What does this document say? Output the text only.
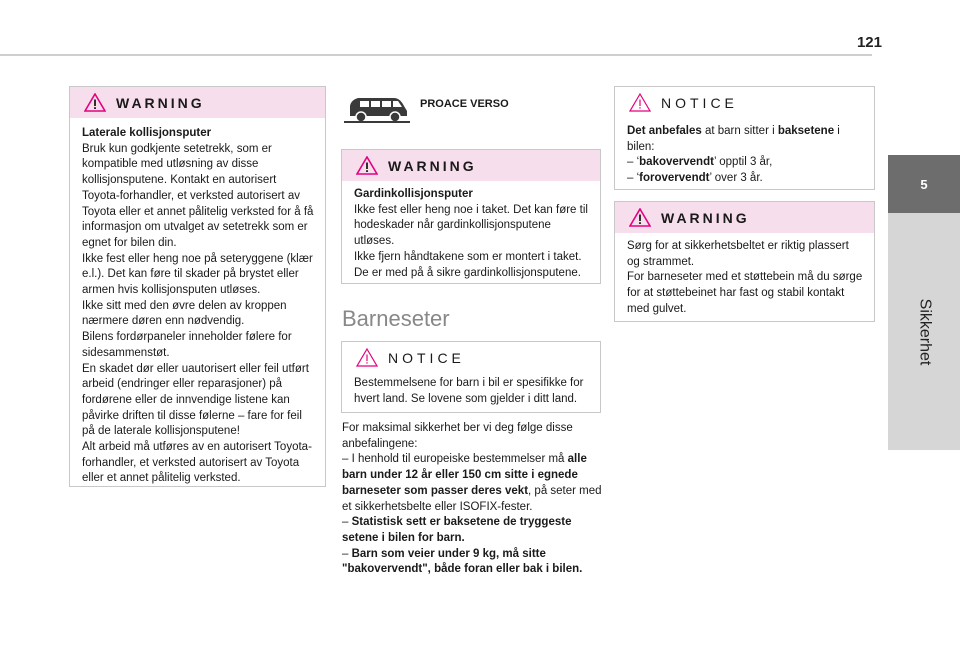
121
5
Sikkerhet
WARNING

Laterale kollisjonsputer

Bruk kun godkjente setetrekk, som er kompatible med utløsning av disse kollisjonsputene. Kontakt en autorisert Toyota-forhandler, et verksted autorisert av Toyota eller et annet pålitelig verksted for å få informasjon om utvalget av setetrekk som er egnet for bilen din.

Ikke fest eller heng noe på seteryggene (klær e.l.). Det kan føre til skader på brystet eller armen hvis kollisjonsputen utløses.

Ikke sitt med den øvre delen av kroppen nærmere døren enn nødvendig.

Bilens fordørpaneler inneholder følere for sidesammenstøt.

En skadet dør eller uautorisert eller feil utført arbeid (endringer eller reparasjoner) på fordørene eller de innvendige listene kan påvirke driften til disse følerne – fare for feil på de laterale kollisjonsputene!

Alt arbeid må utføres av en autorisert Toyota-forhandler, et verksted autorisert av Toyota eller et annet pålitelig verksted.

PROACE VERSO
WARNING

Gardinkollisjonsputer

Ikke fest eller heng noe i taket. Det kan føre til hodeskader når gardinkollisjonsputene utløses.

Ikke fjern håndtakene som er montert i taket. De er med på å sikre gardinkollisjonsputene.

Barneseter
NOTICE

Bestemmelsene for barn i bil er spesifikke for hvert land. Se lovene som gjelder i ditt land.

For maksimal sikkerhet ber vi deg følge disse anbefalingene:

– I henhold til europeiske bestemmelser må alle barn under 12 år eller 150 cm sitte i egnede barneseter som passer deres vekt, på seter med et sikkerhetsbelte eller ISOFIX-fester.

– Statistisk sett er baksetene de tryggeste setene i bilen for barn.

– Barn som veier under 9 kg, må sitte "bakovervendt", både foran eller bak i bilen.

NOTICE

Det anbefales at barn sitter i baksetene i bilen:

– ‘bakovervendt’ opptil 3 år,

– ‘forovervendt’ over 3 år.

WARNING

Sørg for at sikkerhetsbeltet er riktig plassert og strammet.

For barneseter med et støttebein må du sørge for at støttebeinet har fast og stabil kontakt med gulvet.
